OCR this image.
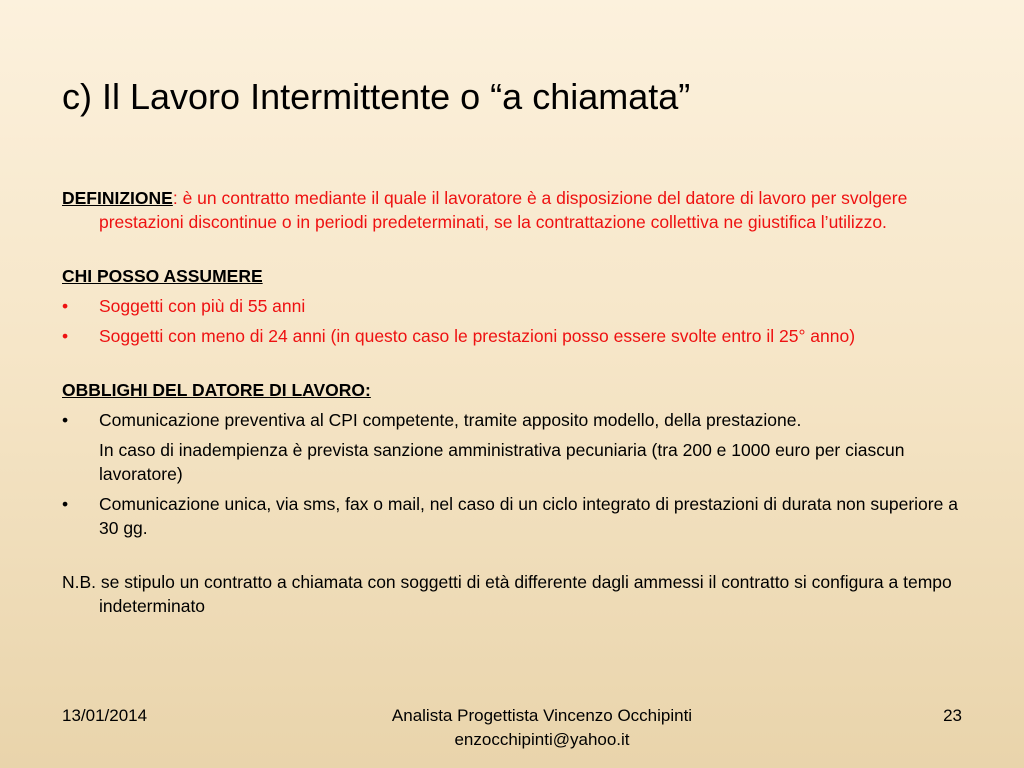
c) Il Lavoro Intermittente o “a chiamata”

DEFINIZIONE: è un contratto mediante il quale il lavoratore è a disposizione del datore di lavoro per svolgere prestazioni discontinue o in periodi predeterminati, se la contrattazione collettiva ne giustifica l’utilizzo.

CHI POSSO ASSUMERE

•	Soggetti con più di 55 anni
•	Soggetti con meno di 24 anni (in questo caso le prestazioni posso essere svolte entro il 25° anno)

OBBLIGHI DEL DATORE DI LAVORO:

•	Comunicazione preventiva al CPI competente, tramite apposito modello, della prestazione.

In caso di inadempienza è prevista sanzione amministrativa pecuniaria (tra 200 e 1000 euro per ciascun lavoratore)

•	Comunicazione unica, via sms, fax o mail, nel caso di un ciclo integrato di prestazioni di durata non superiore a 30 gg.

N.B. se stipulo un contratto a chiamata con soggetti di età differente dagli ammessi il contratto si configura a tempo indeterminato

13/01/2014	Analista Progettista Vincenzo Occhipinti
enzocchipinti@yahoo.it
23
